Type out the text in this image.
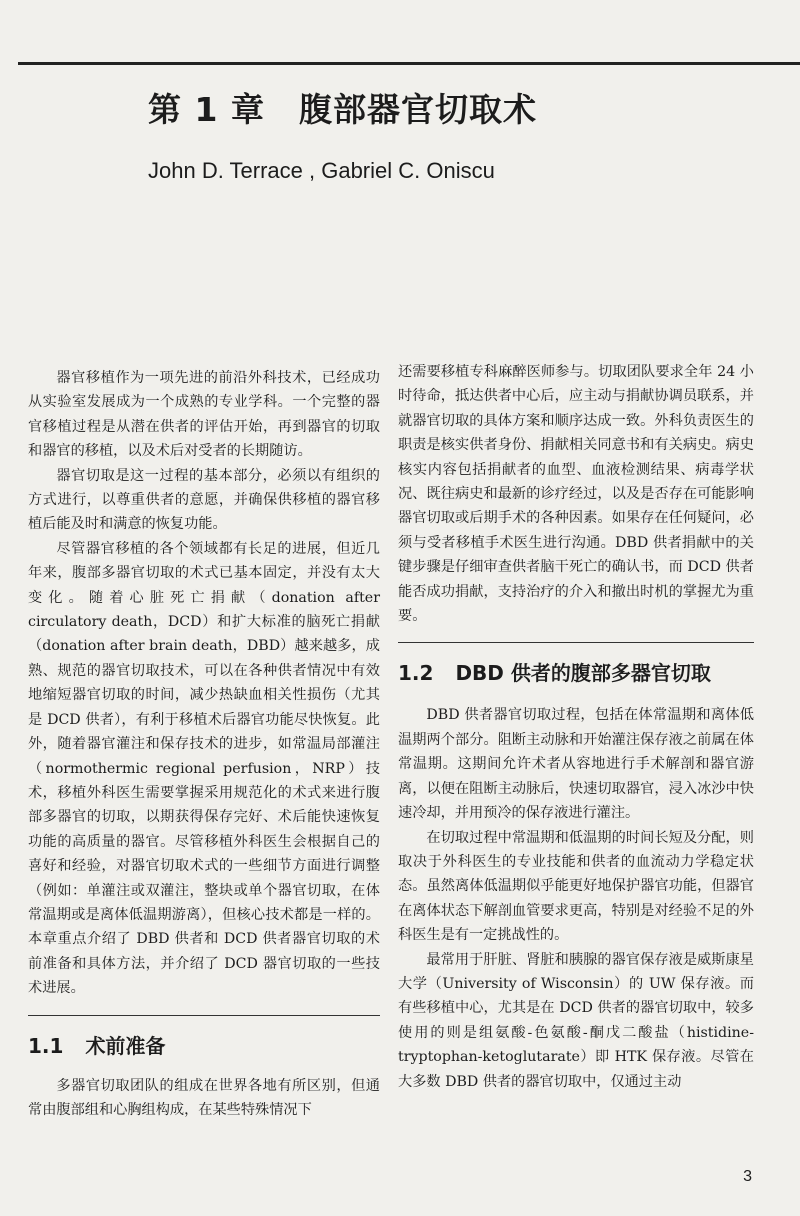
第 1 章 腹部器官切取术

John D. Terrace , Gabriel C. Oniscu

器官移植作为一项先进的前沿外科技术，已经成功从实验室发展成为一个成熟的专业学科。一个完整的器官移植过程是从潜在供者的评估开始，再到器官的切取和器官的移植，以及术后对受者的长期随访。

器官切取是这一过程的基本部分，必须以有组织的方式进行，以尊重供者的意愿，并确保供移植的器官移植后能及时和满意的恢复功能。

尽管器官移植的各个领域都有长足的进展，但近几年来，腹部多器官切取的术式已基本固定，并没有太大变化。随着心脏死亡捐献（donation after circulatory death，DCD）和扩大标准的脑死亡捐献（donation after brain death，DBD）越来越多，成熟、规范的器官切取技术，可以在各种供者情况中有效地缩短器官切取的时间，减少热缺血相关性损伤（尤其是 DCD 供者），有利于移植术后器官功能尽快恢复。此外，随着器官灌注和保存技术的进步，如常温局部灌注（normothermic regional perfusion，NRP）技术，移植外科医生需要掌握采用规范化的术式来进行腹部多器官的切取，以期获得保存完好、术后能快速恢复功能的高质量的器官。尽管移植外科医生会根据自己的喜好和经验，对器官切取术式的一些细节方面进行调整（例如：单灌注或双灌注，整块或单个器官切取，在体常温期或是离体低温期游离），但核心技术都是一样的。本章重点介绍了 DBD 供者和 DCD 供者器官切取的术前准备和具体方法，并介绍了 DCD 器官切取的一些技术进展。

1.1 术前准备

多器官切取团队的组成在世界各地有所区别，但通常由腹部组和心胸组构成，在某些特殊情况下

还需要移植专科麻醉医师参与。切取团队要求全年 24 小时待命，抵达供者中心后，应主动与捐献协调员联系，并就器官切取的具体方案和顺序达成一致。外科负责医生的职责是核实供者身份、捐献相关同意书和有关病史。病史核实内容包括捐献者的血型、血液检测结果、病毒学状况、既往病史和最新的诊疗经过，以及是否存在可能影响器官切取或后期手术的各种因素。如果存在任何疑问，必须与受者移植手术医生进行沟通。DBD 供者捐献中的关键步骤是仔细审查供者脑干死亡的确认书，而 DCD 供者能否成功捐献，支持治疗的介入和撤出时机的掌握尤为重要。

1.2 DBD 供者的腹部多器官切取

DBD 供者器官切取过程，包括在体常温期和离体低温期两个部分。阻断主动脉和开始灌注保存液之前属在体常温期。这期间允许术者从容地进行手术解剖和器官游离，以便在阻断主动脉后，快速切取器官，浸入冰沙中快速冷却，并用预冷的保存液进行灌注。

在切取过程中常温期和低温期的时间长短及分配，则取决于外科医生的专业技能和供者的血流动力学稳定状态。虽然离体低温期似乎能更好地保护器官功能，但器官在离体状态下解剖血管要求更高，特别是对经验不足的外科医生是有一定挑战性的。

最常用于肝脏、肾脏和胰腺的器官保存液是威斯康星大学（University of Wisconsin）的 UW 保存液。而有些移植中心，尤其是在 DCD 供者的器官切取中，较多使用的则是组氨酸-色氨酸-酮戊二酸盐（histidine-tryptophan-ketoglutarate）即 HTK 保存液。尽管在大多数 DBD 供者的器官切取中，仅通过主动

3
